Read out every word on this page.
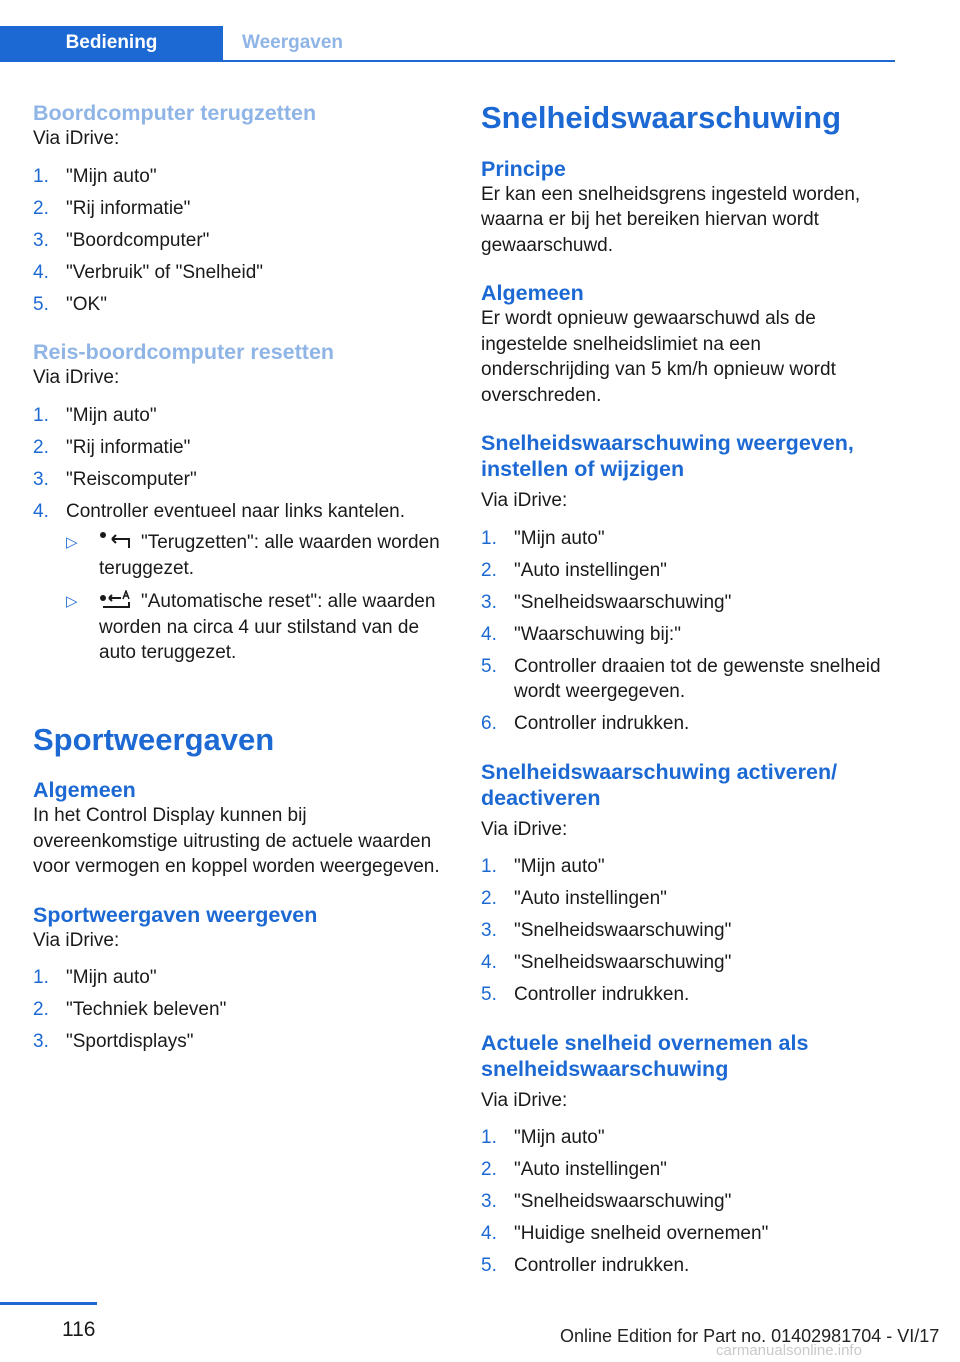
Bediening	Weergaven
Boordcomputer terugzetten

Via iDrive:

1. "Mijn auto"
2. "Rij informatie"
3. "Boordcomputer"
4. "Verbruik" of "Snelheid"
5. "OK"
Reis-boordcomputer resetten

Via iDrive:

1. "Mijn auto"
2. "Rij informatie"
3. "Reiscomputer"
4. Controller eventueel naar links kantelen.
▷	"Terugzetten": alle waarden worden teruggezet.
▷	"Automatische reset": alle waarden worden na circa 4 uur stilstand van de auto teruggezet.
Sportweergaven
Algemeen

In het Control Display kunnen bij overeenkomstige uitrusting de actuele waarden voor vermogen en koppel worden weergegeven.

Sportweergaven weergeven

Via iDrive:

1. "Mijn auto"
2. "Techniek beleven"
3. "Sportdisplays"
Snelheidswaarschuwing
Principe

Er kan een snelheidsgrens ingesteld worden, waarna er bij het bereiken hiervan wordt gewaarschuwd.

Algemeen

Er wordt opnieuw gewaarschuwd als de ingestelde snelheidslimiet na een onderschrijding van 5 km/h opnieuw wordt overschreden.

Snelheidswaarschuwing weergeven, instellen of wijzigen

Via iDrive:

1. "Mijn auto"
2. "Auto instellingen"
3. "Snelheidswaarschuwing"
4. "Waarschuwing bij:"
5. Controller draaien tot de gewenste snelheid wordt weergegeven.
6. Controller indrukken.
Snelheidswaarschuwing activeren/ deactiveren

Via iDrive:

1. "Mijn auto"
2. "Auto instellingen"
3. "Snelheidswaarschuwing"
4. "Snelheidswaarschuwing"
5. Controller indrukken.
Actuele snelheid overnemen als snelheidswaarschuwing

Via iDrive:

1. "Mijn auto"
2. "Auto instellingen"
3. "Snelheidswaarschuwing"
4. "Huidige snelheid overnemen"
5. Controller indrukken.
116	Online Edition for Part no. 01402981704 - VI/17
carmanualsonline.info
